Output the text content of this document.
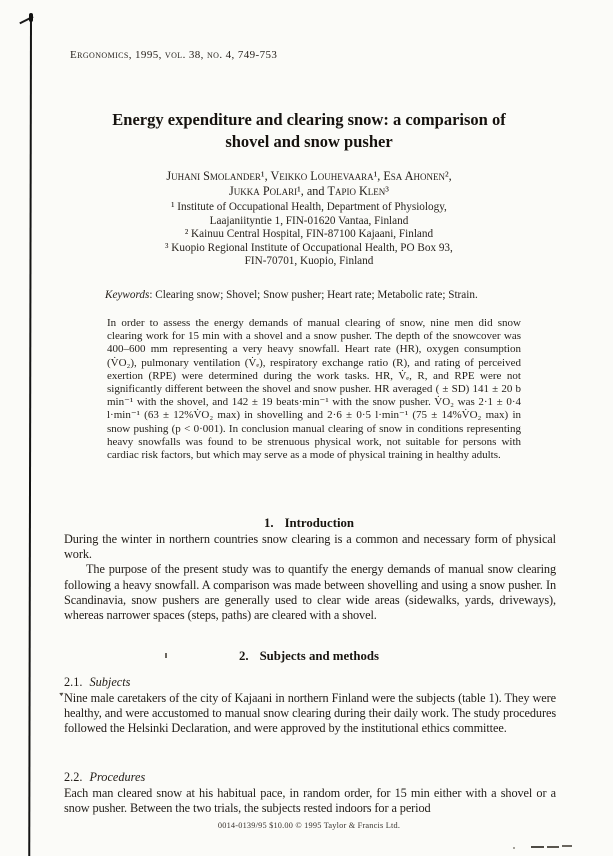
Ergonomics, 1995, vol. 38, no. 4, 749-753
Energy expenditure and clearing snow: a comparison of
shovel and snow pusher
Juhani Smolander¹, Veikko Louhevaara¹, Esa Ahonen²,
Jukka Polari¹, and Tapio Klen³
¹ Institute of Occupational Health, Department of Physiology,
Laajaniityntie 1, FIN-01620 Vantaa, Finland
² Kainuu Central Hospital, FIN-87100 Kajaani, Finland
³ Kuopio Regional Institute of Occupational Health, PO Box 93,
FIN-70701, Kuopio, Finland
Keywords: Clearing snow; Shovel; Snow pusher; Heart rate; Metabolic rate; Strain.
In order to assess the energy demands of manual clearing of snow, nine men did snow clearing work for 15 min with a shovel and a snow pusher. The depth of the snowcover was 400–600 mm representing a very heavy snowfall. Heart rate (HR), oxygen consumption (V̇O₂), pulmonary ventilation (V̇ₑ), respiratory exchange ratio (R), and rating of perceived exertion (RPE) were determined during the work tasks. HR, V̇ₑ, R, and RPE were not significantly different between the shovel and snow pusher. HR averaged ( ± SD) 141 ± 20 b min⁻¹ with the shovel, and 142 ± 19 beats·min⁻¹ with the snow pusher. V̇O₂ was 2·1 ± 0·4 l·min⁻¹ (63 ± 12%V̇O₂ max) in shovelling and 2·6 ± 0·5 l·min⁻¹ (75 ± 14%V̇O₂ max) in snow pushing (p < 0·001). In conclusion manual clearing of snow in conditions representing heavy snowfalls was found to be strenuous physical work, not suitable for persons with cardiac risk factors, but which may serve as a mode of physical training in healthy adults.
1. Introduction

During the winter in northern countries snow clearing is a common and necessary form of physical work.

The purpose of the present study was to quantify the energy demands of manual snow clearing following a heavy snowfall. A comparison was made between shovelling and using a snow pusher. In Scandinavia, snow pushers are generally used to clear wide areas (sidewalks, yards, driveways), whereas narrower spaces (steps, paths) are cleared with a shovel.

2. Subjects and methods
2.1. Subjects

Nine male caretakers of the city of Kajaani in northern Finland were the subjects (table 1). They were healthy, and were accustomed to manual snow clearing during their daily work. The study procedures followed the Helsinki Declaration, and were approved by the institutional ethics committee.

2.2. Procedures

Each man cleared snow at his habitual pace, in random order, for 15 min either with a shovel or a snow pusher. Between the two trials, the subjects rested indoors for a period

0014-0139/95 $10.00 © 1995 Taylor & Francis Ltd.
